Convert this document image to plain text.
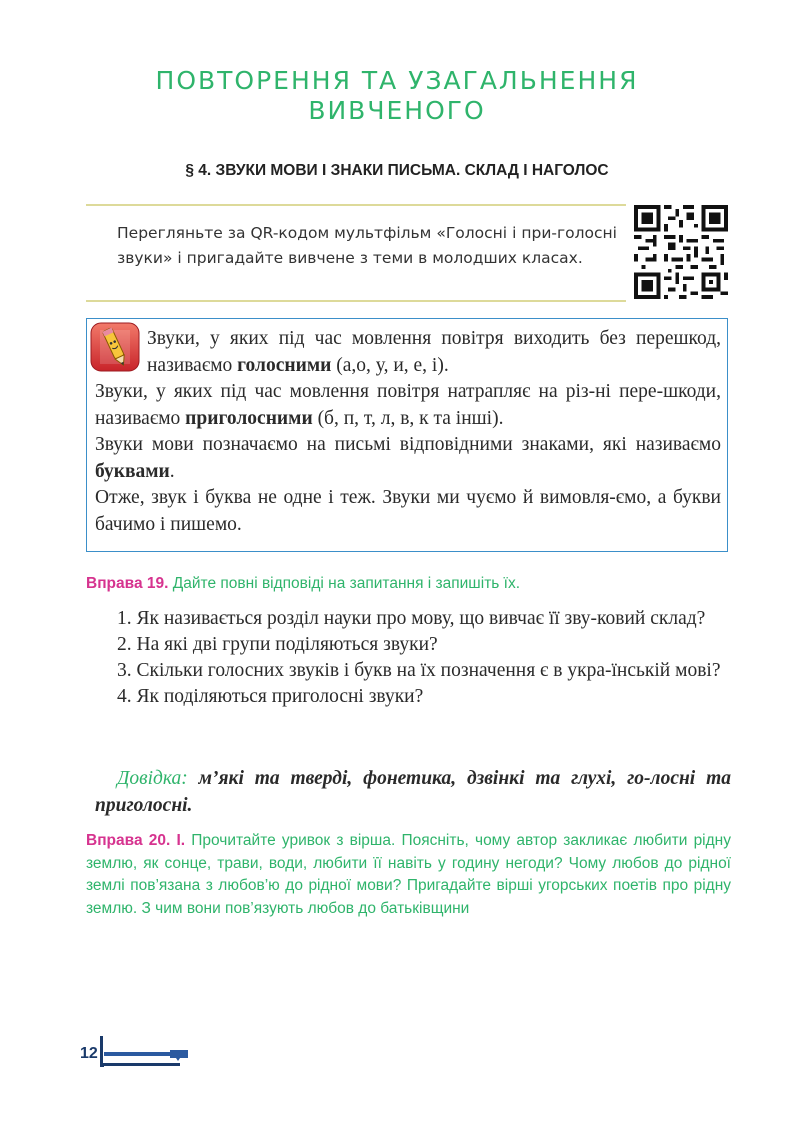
ПОВТОРЕННЯ ТА УЗАГАЛЬНЕННЯ
ВИВЧЕНОГО
§ 4. ЗВУКИ МОВИ І ЗНАКИ ПИСЬМА. СКЛАД І НАГОЛОС
Перегляньте за QR-кодом мультфільм «Голосні і при-голосні звуки» і пригадайте вивчене з теми в молодших класах.

Звуки, у яких під час мовлення повітря виходить без перешкод, називаємо голосними (а,о, у, и, е, і).

Звуки, у яких під час мовлення повітря натрапляє на різ-ні пере-шкоди, називаємо приголосними (б, п, т, л, в, к та інші).

Звуки мови позначаємо на письмі відповідними знаками, які називаємо буквами.

Отже, звук і буква не одне і теж. Звуки ми чуємо й вимовля-ємо, а букви бачимо і пишемо.

Вправа 19. Дайте повні відповіді на запитання і запишіть їх.

1. Як називається розділ науки про мову, що вивчає її зву-ковий склад?

2. На які дві групи поділяються звуки?

3. Скільки голосних звуків і букв на їх позначення є в укра-їнській мові?

4. Як поділяються приголосні звуки?

Довідка: м’які та тверді, фонетика, дзвінкі та глухі, го-лосні та приголосні.
Вправа 20. І. Прочитайте уривок з вірша. Поясніть, чому автор закликає любити рідну землю, як сонце, трави, води, любити її навіть у годину негоди? Чому любов до рідної землі пов’язана з любов’ю до рідної мови? Пригадайте вірші угорських поетів про рідну землю. З чим вони пов’язують любов до батьківщини
12
